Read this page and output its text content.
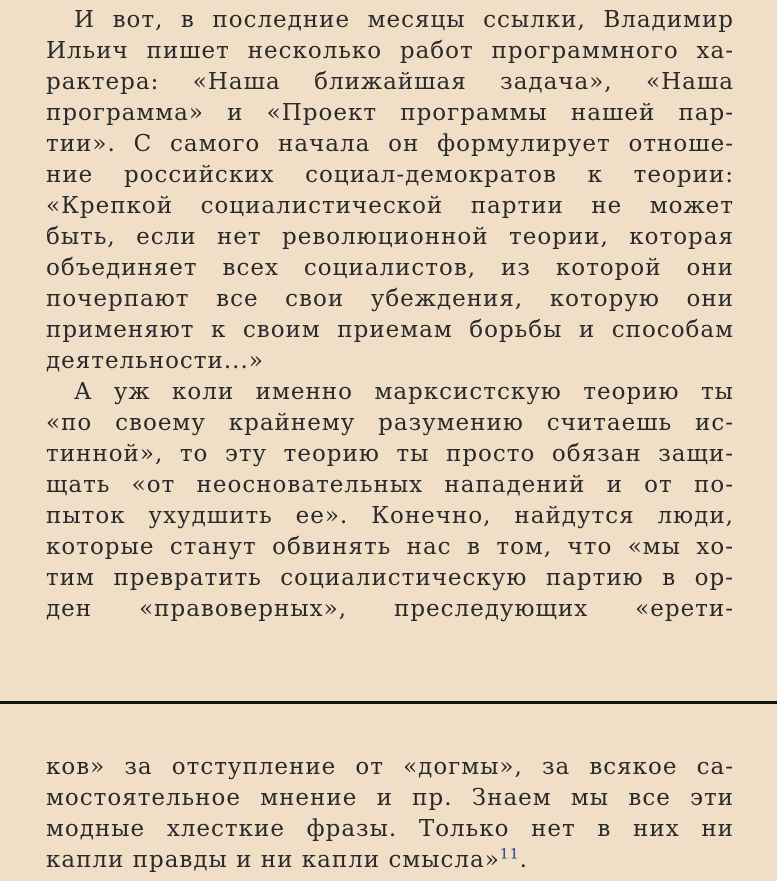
И вот, в последние месяцы ссылки, Владимир
Ильич пишет несколько работ программного ха-
рактера: «Наша ближайшая задача», «Наша
программа» и «Проект программы нашей пар-
тии». С самого начала он формулирует отноше-
ние российских социал-демократов к теории:
«Крепкой социалистической партии не может
быть, если нет революционной теории, которая
объединяет всех социалистов, из которой они
почерпают все свои убеждения, которую они
применяют к своим приемам борьбы и способам
деятельности...»
А уж коли именно марксистскую теорию ты
«по своему крайнему разумению считаешь ис-
тинной», то эту теорию ты просто обязан защи-
щать «от неосновательных нападений и от по-
пыток ухудшить ее». Конечно, найдутся люди,
которые станут обвинять нас в том, что «мы хо-
тим превратить социалистическую партию в ор-
ден «правоверных», преследующих «ерети-
ков» за отступление от «догмы», за всякое са-
мостоятельное мнение и пр. Знаем мы все эти
модные хлесткие фразы. Только нет в них ни
капли правды и ни капли смысла»$^{11}$.
